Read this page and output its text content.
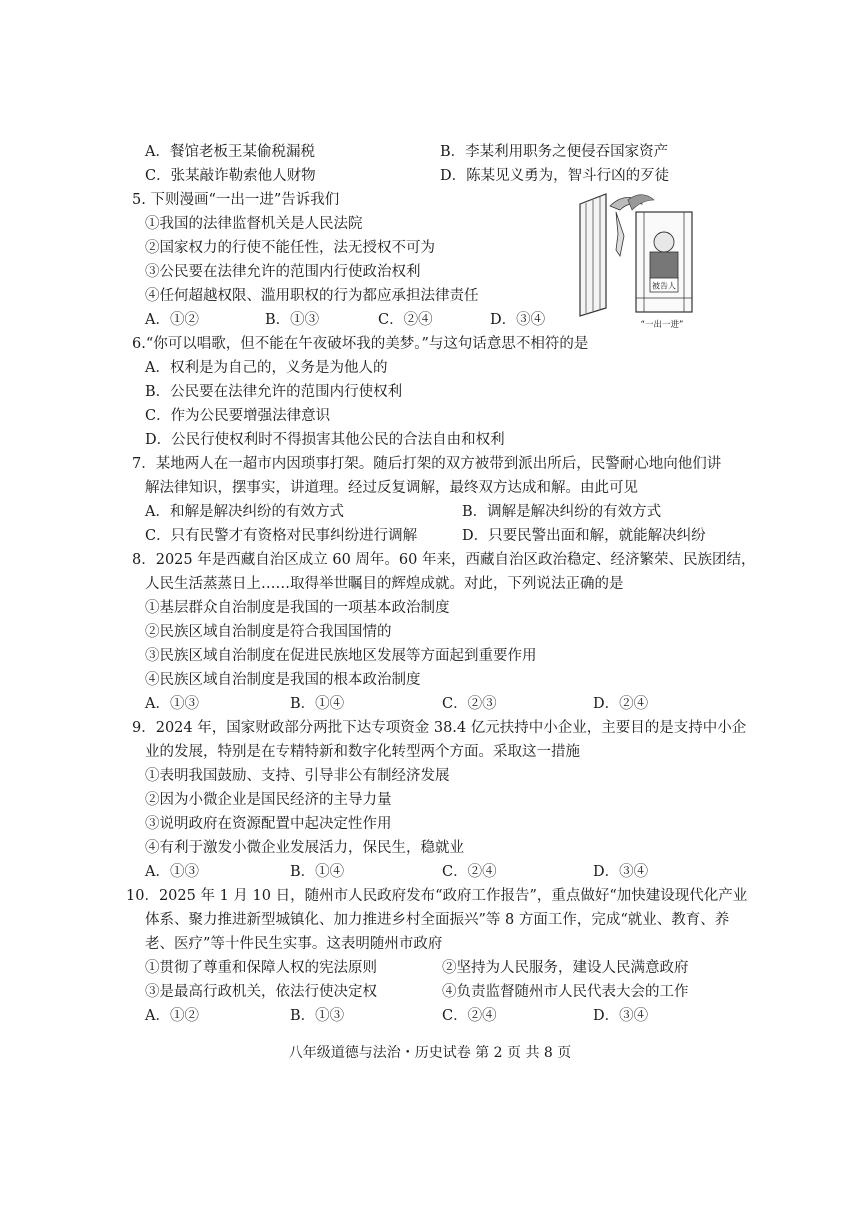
A．餐馆老板王某偷税漏税	B．李某利用职务之便侵吞国家资产
C．张某敲诈勒索他人财物	D．陈某见义勇为，智斗行凶的歹徒
5. 下则漫画“一出一进”告诉我们
①我国的法律监督机关是人民法院
②国家权力的行使不能任性，法无授权不可为
③公民要在法律允许的范围内行使政治权利
④任何超越权限、滥用职权的行为都应承担法律责任
A．①②	B．①③	C．②④	D．③④
被告人
“一出一进”
6.“你可以唱歌，但不能在午夜破坏我的美梦。”与这句话意思不相符的是
A．权利是为自己的，义务是为他人的
B．公民要在法律允许的范围内行使权利
C．作为公民要增强法律意识
D．公民行使权利时不得损害其他公民的合法自由和权利
7．某地两人在一超市内因琐事打架。随后打架的双方被带到派出所后，民警耐心地向他们讲
解法律知识，摆事实，讲道理。经过反复调解，最终双方达成和解。由此可见
A．和解是解决纠纷的有效方式	B．调解是解决纠纷的有效方式
C．只有民警才有资格对民事纠纷进行调解	D．只要民警出面和解，就能解决纠纷
8．2025 年是西藏自治区成立 60 周年。60 年来，西藏自治区政治稳定、经济繁荣、民族团结，
人民生活蒸蒸日上……取得举世瞩目的辉煌成就。对此，下列说法正确的是
①基层群众自治制度是我国的一项基本政治制度
②民族区域自治制度是符合我国国情的
③民族区域自治制度在促进民族地区发展等方面起到重要作用
④民族区域自治制度是我国的根本政治制度
A．①③	B．①④	C．②③	D．②④
9．2024 年，国家财政部分两批下达专项资金 38.4 亿元扶持中小企业，主要目的是支持中小企
业的发展，特别是在专精特新和数字化转型两个方面。采取这一措施
①表明我国鼓励、支持、引导非公有制经济发展
②因为小微企业是国民经济的主导力量
③说明政府在资源配置中起决定性作用
④有利于激发小微企业发展活力，保民生，稳就业
A．①③	B．①④	C．②④	D．③④
10．2025 年 1 月 10 日，随州市人民政府发布“政府工作报告”，重点做好“加快建设现代化产业
体系、聚力推进新型城镇化、加力推进乡村全面振兴”等 8 方面工作，完成“就业、教育、养
老、医疗”等十件民生实事。这表明随州市政府
①贯彻了尊重和保障人权的宪法原则	②坚持为人民服务，建设人民满意政府
③是最高行政机关，依法行使决定权	④负责监督随州市人民代表大会的工作
A．①②	B．①③	C．②④	D．③④
八年级道德与法治・历史试卷 第 2 页 共 8 页
